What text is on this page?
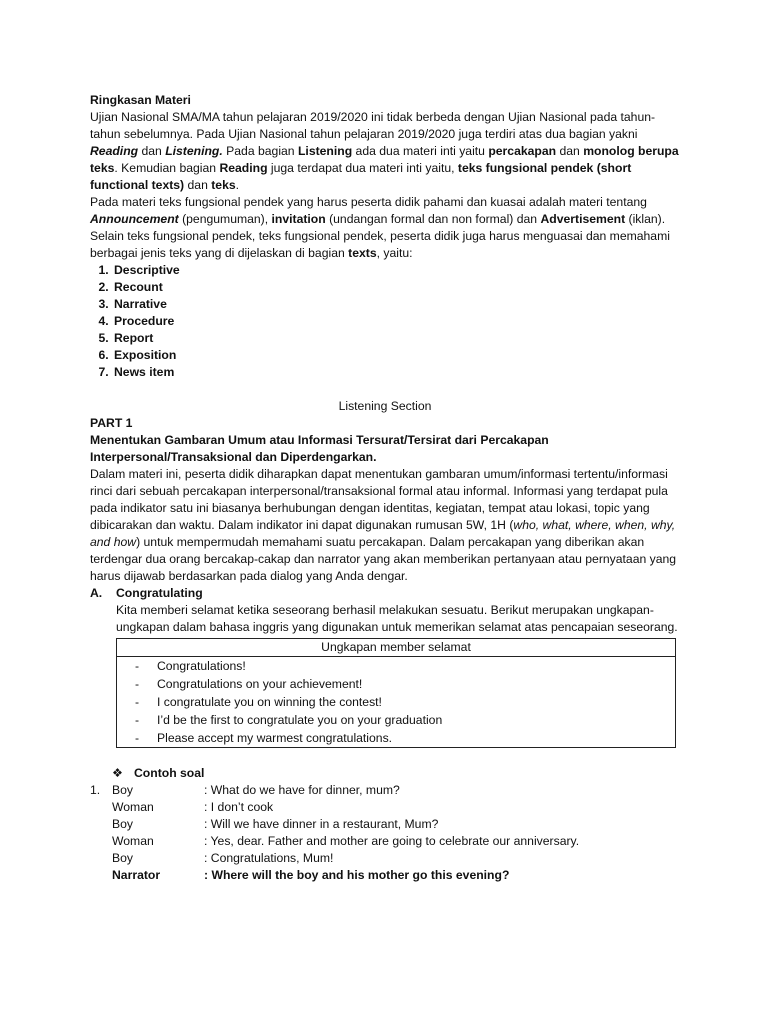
Ringkasan Materi

Ujian Nasional SMA/MA tahun pelajaran 2019/2020 ini tidak berbeda dengan Ujian Nasional pada tahun-tahun sebelumnya. Pada Ujian Nasional tahun pelajaran 2019/2020 juga terdiri atas dua bagian yakni Reading dan Listening. Pada bagian Listening ada dua materi inti yaitu percakapan dan monolog berupa teks. Kemudian bagian Reading juga terdapat dua materi inti yaitu, teks fungsional pendek (short functional texts) dan teks.

Pada materi teks fungsional pendek yang harus peserta didik pahami dan kuasai adalah materi tentang Announcement (pengumuman), invitation (undangan formal dan non formal) dan Advertisement (iklan).

Selain teks fungsional pendek, teks fungsional pendek, peserta didik juga harus menguasai dan memahami berbagai jenis teks yang di dijelaskan di bagian texts, yaitu:

1. Descriptive
2. Recount
3. Narrative
4. Procedure
5. Report
6. Exposition
7. News item

Listening Section

PART 1

Menentukan Gambaran Umum atau Informasi Tersurat/Tersirat dari Percakapan Interpersonal/Transaksional dan Diperdengarkan.

Dalam materi ini, peserta didik diharapkan dapat menentukan gambaran umum/informasi tertentu/informasi rinci dari sebuah percakapan interpersonal/transaksional formal atau informal. Informasi yang terdapat pula pada indikator satu ini biasanya berhubungan dengan identitas, kegiatan, tempat atau lokasi, topic yang dibicarakan dan waktu. Dalam indikator ini dapat digunakan rumusan 5W, 1H (who, what, where, when, why, and how) untuk mempermudah memahami suatu percakapan. Dalam percakapan yang diberikan akan terdengar dua orang bercakap-cakap dan narrator yang akan memberikan pertanyaan atau pernyataan yang harus dijawab berdasarkan pada dialog yang Anda dengar.

A.	Congratulating

Kita memberi selamat ketika seseorang berhasil melakukan sesuatu. Berikut merupakan ungkapan-ungkapan dalam bahasa inggris yang digunakan untuk memerikan selamat atas pencapaian seseorang.

Ungkapan member selamat
- Congratulations!
- Congratulations on your achievement!
- I congratulate you on winning the contest!
- I’d be the first to congratulate you on your graduation
- Please accept my warmest congratulations.
❖ Contoh soal
1. Boy	: What do we have for dinner, mum?
Woman	: I don’t cook
Boy	: Will we have dinner in a restaurant, Mum?
Woman	: Yes, dear. Father and mother are going to celebrate our anniversary.
Boy	: Congratulations, Mum!
Narrator	: Where will the boy and his mother go this evening?
